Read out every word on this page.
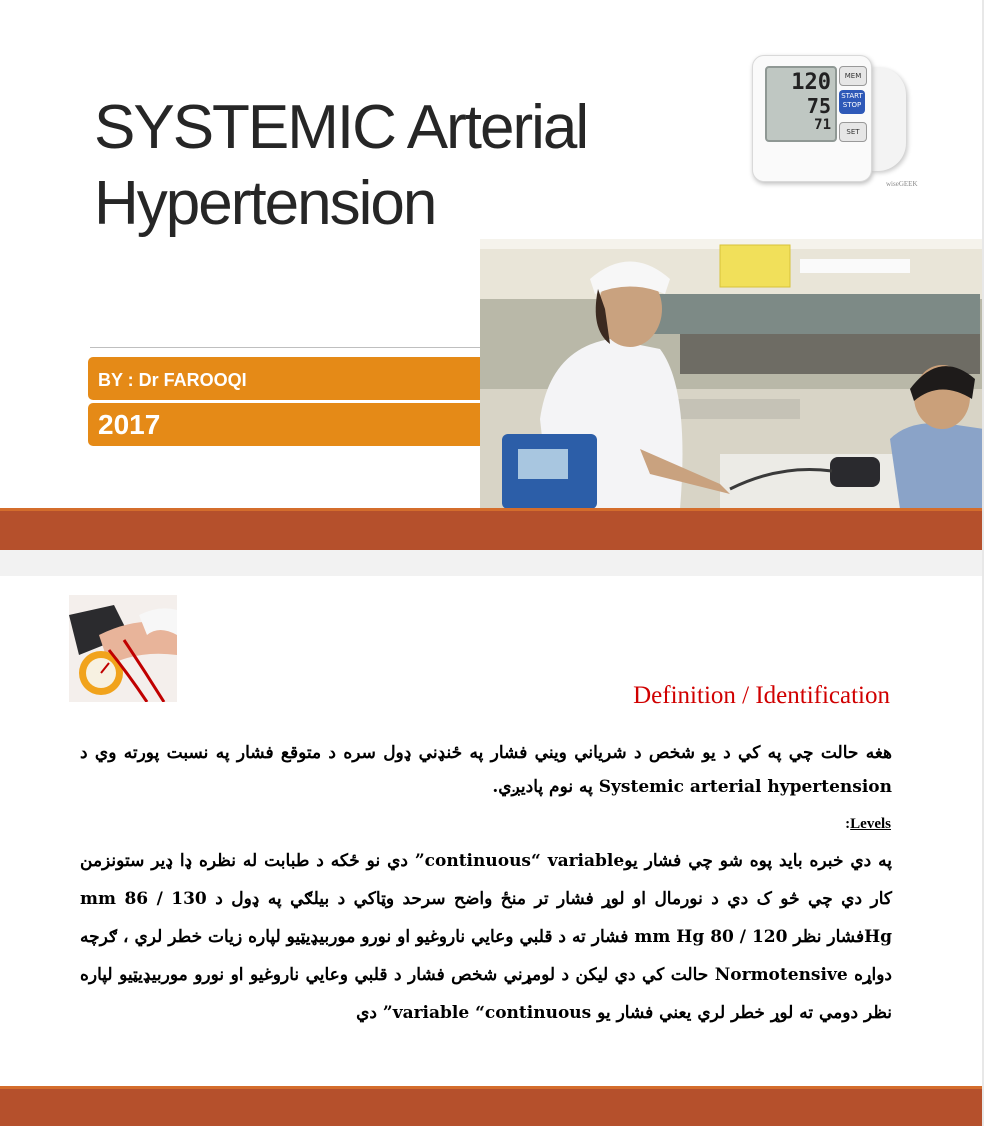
SYSTEMIC Arterial
Hypertension
120
75
71
MEM
START
STOP
SET
wiseGEEK
BY : Dr FAROOQI
2017
Definition / Identification

هغه حالت چي په کي د يو شخص د شرياني ويني فشار په ځنډني ډول سره د متوقع فشار په نسبت پورته وي د Systemic arterial hypertension په نوم پاديږي.

:Levels

په دي خبره باید پوه شو چي فشار يو‏variable‏ “continuous” دي نو ځکه د طبابت له نظره ډا ډير ستونزمن کار دي چي څو ک دي د نورمال او لوړ فشار تر منځ واضح سرحد وټاکي د بيلګي په ډول د 130 / 86 mm Hgفشار نظر 120 / 80 mm Hg فشار ته د قلبي وعايي ناروغيو او نورو موربيډيټيو لپاره زيات خطر لري ، ګرچه دواړه Normotensive حالت کي دي ليکن د لومړني شخص فشار د قلبي وعايي ناروغيو او نورو موربيډيټيو لپاره نظر دومي ته لوړ خطر لري يعني فشار يو variable “continuous” دي
